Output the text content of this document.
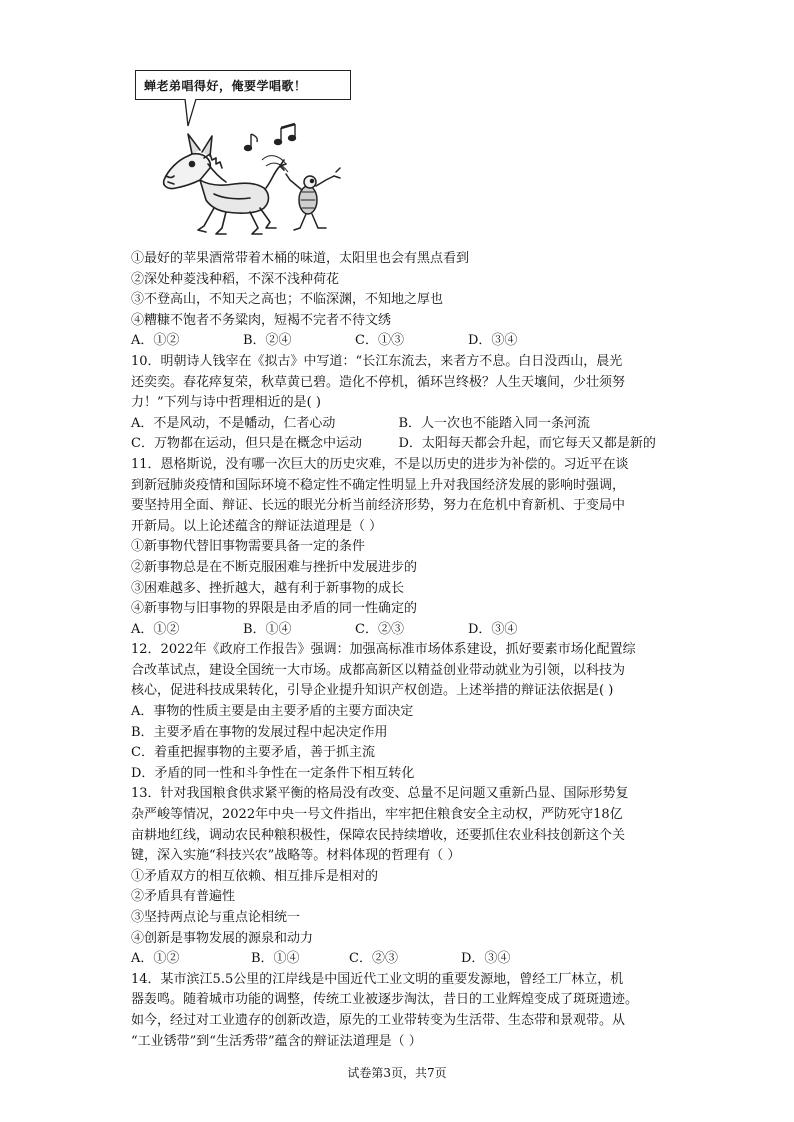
蝉老弟唱得好，俺要学唱歌！
①最好的苹果酒常带着木桶的味道，太阳里也会有黑点看到
②深处种菱浅种稻，不深不浅种荷花
③不登高山，不知天之高也；不临深渊，不知地之厚也
④糟糠不饱者不务粱肉，短褐不完者不待文绣
A．①②	B．②④	C．①③	D．③④
10．明朝诗人钱宰在《拟古》中写道：“长江东流去，来者方不息。白日没西山，晨光
还奕奕。春花瘁复荣，秋草黄已碧。造化不停机，循环岂终极？人生天壤间，少壮须努
力！”下列与诗中哲理相近的是( )
A．不是风动，不是幡动，仁者心动	B．人一次也不能踏入同一条河流
C．万物都在运动，但只是在概念中运动	D．太阳每天都会升起，而它每天又都是新的
11．恩格斯说，没有哪一次巨大的历史灾难，不是以历史的进步为补偿的。习近平在谈
到新冠肺炎疫情和国际环境不稳定性不确定性明显上升对我国经济发展的影响时强调，
要坚持用全面、辩证、长远的眼光分析当前经济形势，努力在危机中育新机、于变局中
开新局。以上论述蕴含的辩证法道理是（ ）
①新事物代替旧事物需要具备一定的条件
②新事物总是在不断克服困难与挫折中发展进步的
③困难越多、挫折越大，越有利于新事物的成长
④新事物与旧事物的界限是由矛盾的同一性确定的
A．①②	B．①④	C．②③	D．③④
12．2022年《政府工作报告》强调：加强高标准市场体系建设，抓好要素市场化配置综
合改革试点，建设全国统一大市场。成都高新区以精益创业带动就业为引领，以科技为
核心，促进科技成果转化，引导企业提升知识产权创造。上述举措的辩证法依据是( )
A．事物的性质主要是由主要矛盾的主要方面决定
B．主要矛盾在事物的发展过程中起决定作用
C．着重把握事物的主要矛盾，善于抓主流
D．矛盾的同一性和斗争性在一定条件下相互转化
13．针对我国粮食供求紧平衡的格局没有改变、总量不足问题又重新凸显、国际形势复
杂严峻等情况，2022年中央一号文件指出，牢牢把住粮食安全主动权，严防死守18亿
亩耕地红线，调动农民种粮积极性，保障农民持续增收，还要抓住农业科技创新这个关
键，深入实施“科技兴农”战略等。材料体现的哲理有（ ）
①矛盾双方的相互依赖、相互排斥是相对的
②矛盾具有普遍性
③坚持两点论与重点论相统一
④创新是事物发展的源泉和动力
A．①②	B．①④	C．②③	D．③④
14．某市滨江5.5公里的江岸线是中国近代工业文明的重要发源地，曾经工厂林立，机
器轰鸣。随着城市功能的调整，传统工业被逐步淘汰，昔日的工业辉煌变成了斑斑遗迹。
如今，经过对工业遗存的创新改造，原先的工业带转变为生活带、生态带和景观带。从
“工业锈带”到“生活秀带”蕴含的辩证法道理是（ ）
试卷第3页，共7页
